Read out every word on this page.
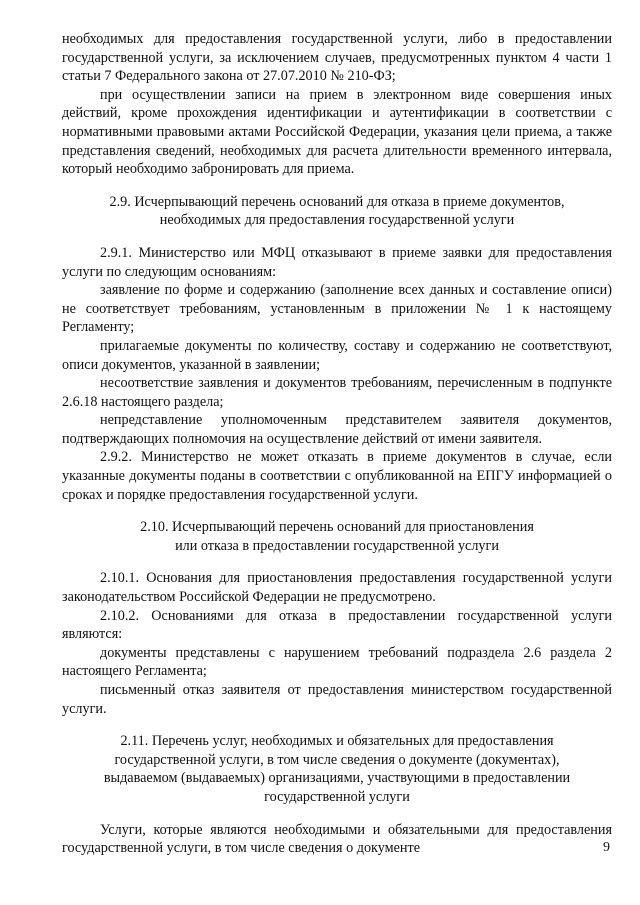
необходимых для предоставления государственной услуги, либо в предоставлении государственной услуги, за исключением случаев, предусмотренных пунктом 4 части 1 статьи 7 Федерального закона от 27.07.2010 № 210-ФЗ;

при осуществлении записи на прием в электронном виде совершения иных действий, кроме прохождения идентификации и аутентификации в соответствии с нормативными правовыми актами Российской Федерации, указания цели приема, а также представления сведений, необходимых для расчета длительности временного интервала, который необходимо забронировать для приема.

2.9. Исчерпывающий перечень оснований для отказа в приеме документов,
необходимых для предоставления государственной услуги

2.9.1. Министерство или МФЦ отказывают в приеме заявки для предоставления услуги по следующим основаниям:

заявление по форме и содержанию (заполнение всех данных и составление описи) не соответствует требованиям, установленным в приложении № 1 к настоящему Регламенту;

прилагаемые документы по количеству, составу и содержанию не соответствуют, описи документов, указанной в заявлении;

несоответствие заявления и документов требованиям, перечисленным в подпункте 2.6.18 настоящего раздела;

непредставление уполномоченным представителем заявителя документов, подтверждающих полномочия на осуществление действий от имени заявителя.

2.9.2. Министерство не может отказать в приеме документов в случае, если указанные документы поданы в соответствии с опубликованной на ЕПГУ информацией о сроках и порядке предоставления государственной услуги.

2.10. Исчерпывающий перечень оснований для приостановления
или отказа в предоставлении государственной услуги

2.10.1. Основания для приостановления предоставления государственной услуги законодательством Российской Федерации не предусмотрено.

2.10.2. Основаниями для отказа в предоставлении государственной услуги являются:

документы представлены с нарушением требований подраздела 2.6 раздела 2 настоящего Регламента;

письменный отказ заявителя от предоставления министерством государственной услуги.

2.11. Перечень услуг, необходимых и обязательных для предоставления
государственной услуги, в том числе сведения о документе (документах),
выдаваемом (выдаваемых) организациями, участвующими в предоставлении
государственной услуги

Услуги, которые являются необходимыми и обязательными для предоставления государственной услуги, в том числе сведения о документе	9
